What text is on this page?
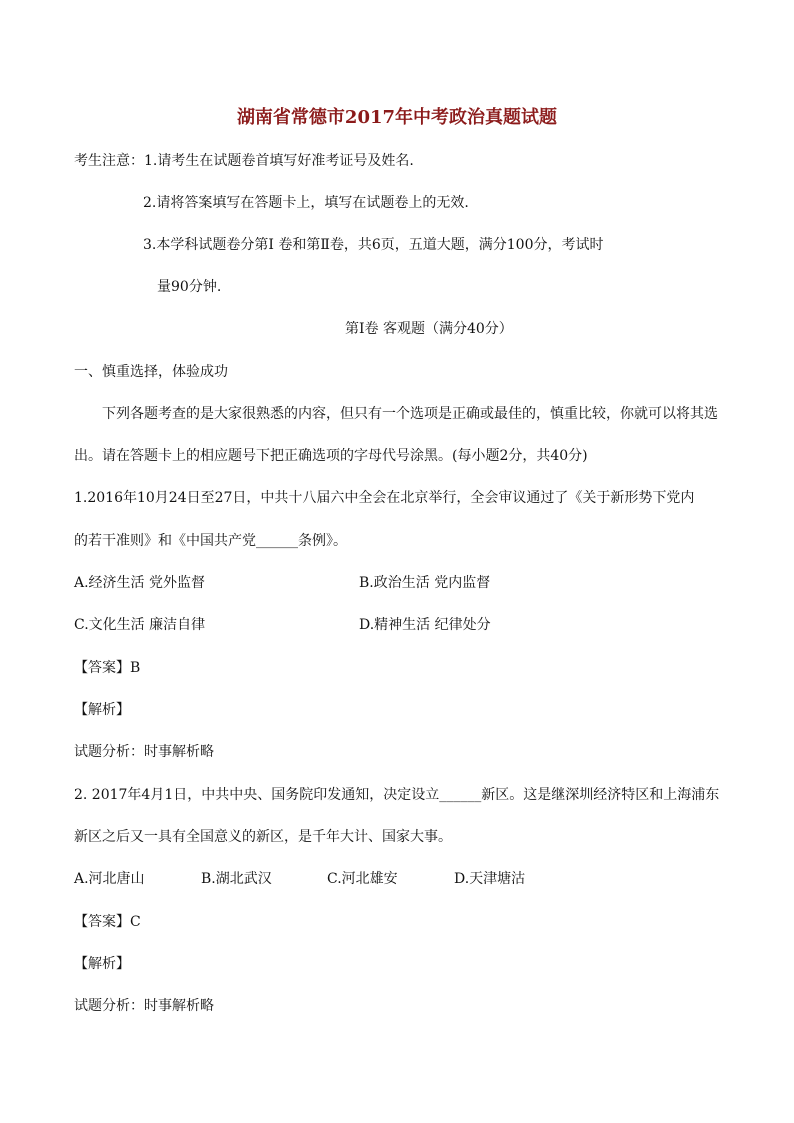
湖南省常德市2017年中考政治真题试题
考生注意：1.请考生在试题卷首填写好准考证号及姓名.
2.请将答案填写在答题卡上，填写在试题卷上的无效.
3.本学科试题卷分第Ⅰ 卷和第Ⅱ卷，共6页，五道大题，满分100分，考试时
量90分钟.
第Ⅰ卷 客观题（满分40分）
一、慎重选择，体验成功
下列各题考查的是大家很熟悉的内容，但只有一个选项是正确或最佳的，慎重比较，你就可以将其选
出。请在答题卡上的相应题号下把正确选项的字母代号涂黑。(每小题2分，共40分)
1.2016年10月24日至27日，中共十八届六中全会在北京举行，全会审议通过了《关于新形势下党内
的若干准则》和《中国共产党______条例》。
A.经济生活 党外监督	B.政治生活 党内监督
C.文化生活 廉洁自律	D.精神生活 纪律处分
【答案】B
【解析】
试题分析：时事解析略
2. 2017年4月1日，中共中央、国务院印发通知，决定设立______新区。这是继深圳经济特区和上海浦东
新区之后又一具有全国意义的新区，是千年大计、国家大事。
A.河北唐山	B.湖北武汉	C.河北雄安	D.天津塘沽
【答案】C
【解析】
试题分析：时事解析略
